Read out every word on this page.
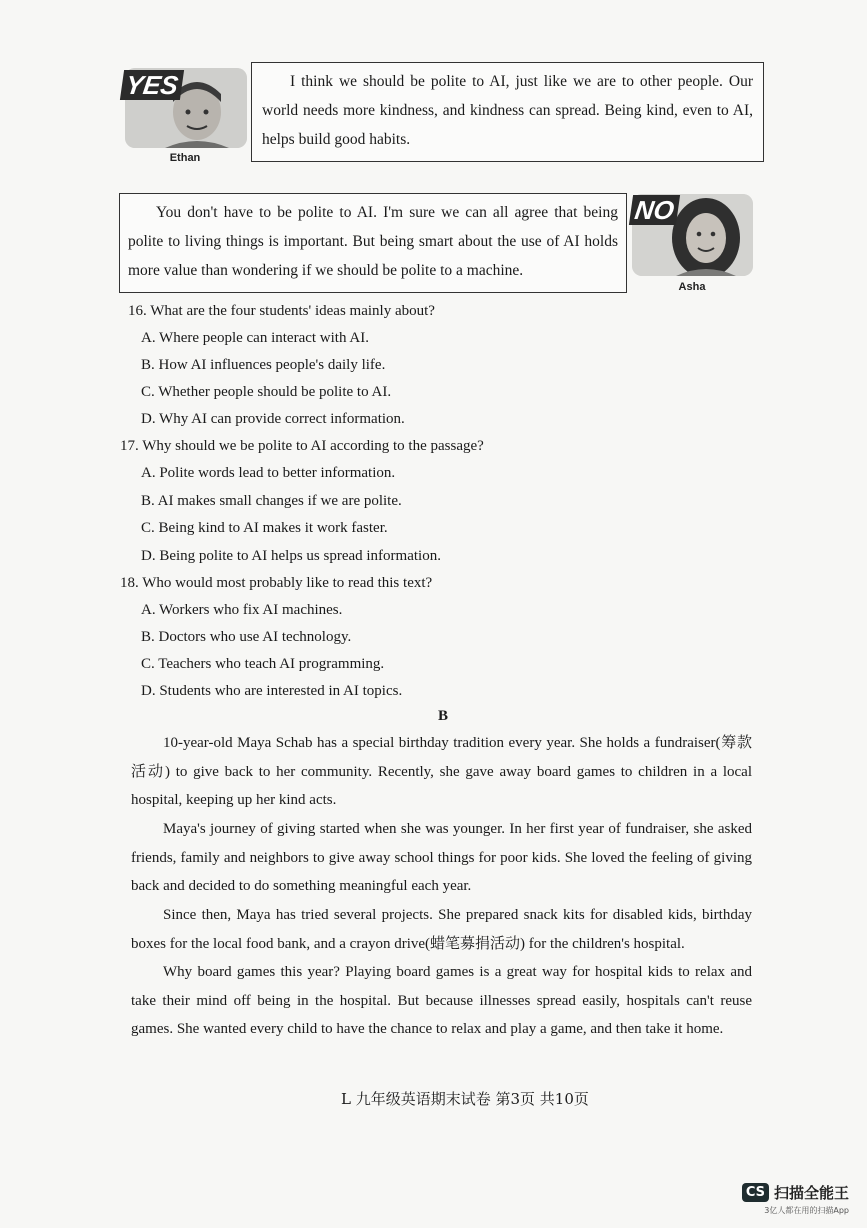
YES
Ethan
I think we should be polite to AI, just like we are to other people. Our world needs more kindness, and kindness can spread. Being kind, even to AI, helps build good habits.
You don't have to be polite to AI. I'm sure we can all agree that being polite to living things is important. But being smart about the use of AI holds more value than wondering if we should be polite to a machine.
NO
Asha
16. What are the four students' ideas mainly about?
A. Where people can interact with AI.
B. How AI influences people's daily life.
C. Whether people should be polite to AI.
D. Why AI can provide correct information.
17. Why should we be polite to AI according to the passage?
A. Polite words lead to better information.
B. AI makes small changes if we are polite.
C. Being kind to AI makes it work faster.
D. Being polite to AI helps us spread information.
18. Who would most probably like to read this text?
A. Workers who fix AI machines.
B. Doctors who use AI technology.
C. Teachers who teach AI programming.
D. Students who are interested in AI topics.
B
10-year-old Maya Schab has a special birthday tradition every year. She holds a fundraiser(筹款活动) to give back to her community. Recently, she gave away board games to children in a local hospital, keeping up her kind acts.
Maya's journey of giving started when she was younger. In her first year of fundraiser, she asked friends, family and neighbors to give away school things for poor kids. She loved the feeling of giving back and decided to do something meaningful each year.
Since then, Maya has tried several projects. She prepared snack kits for disabled kids, birthday boxes for the local food bank, and a crayon drive(蜡笔募捐活动) for the children's hospital.
Why board games this year? Playing board games is a great way for hospital kids to relax and take their mind off being in the hospital. But because illnesses spread easily, hospitals can't reuse games. She wanted every child to have the chance to relax and play a game, and then take it home.
L 九年级英语期末试卷 第3页 共10页
CS 扫描全能王
3亿人都在用的扫描App
